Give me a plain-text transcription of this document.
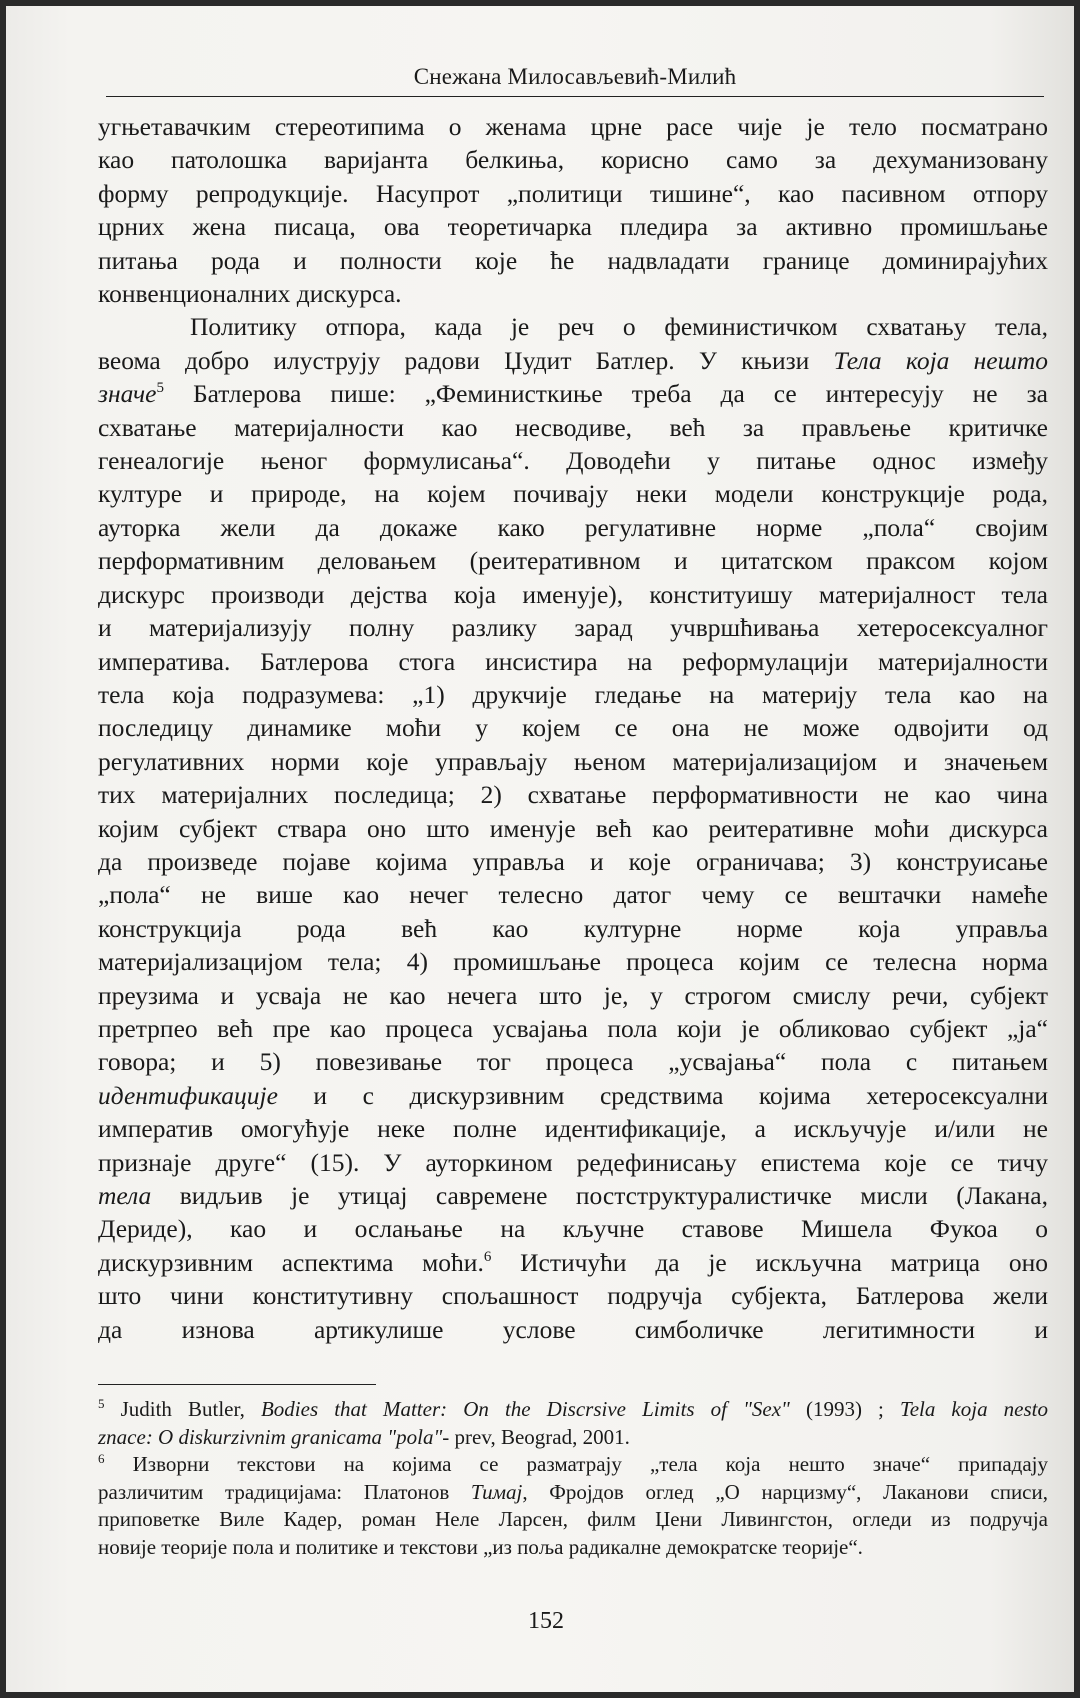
Снежана Милосављевић-Милић
угњетавачким стереотипима о женама црне расе чије је тело посматрано
као патолошка варијанта белкиња, корисно само за дехуманизовану
форму репродукције. Насупрот „политици тишине“, као пасивном отпору
црних жена писаца, ова теоретичарка пледира за активно промишљање
питања рода и полности које ће надвладати границе доминирајућих
конвенционалних дискурса.
Политику отпора, када је реч о феминистичком схватању тела,
веома добро илуструју радови Џудит Батлер. У књизи Тела која нешто
значе$^5$ Батлерова пише: „Феминисткиње треба да се интересују не за
схватање материјалности као несводиве, већ за прављење критичке
генеалогије њеног формулисања“. Доводећи у питање однос између
културе и природе, на којем почивају неки модели конструкције рода,
ауторка жели да докаже како регулативне норме „пола“ својим
перформативним деловањем (реитеративном и цитатском праксом којом
дискурс производи дејства која именује), конституишу материјалност тела
и материјализују полну разлику зарад учвршћивања хетеросексуалног
императива. Батлерова стога инсистира на реформулацији материјалности
тела која подразумева: „1) друкчије гледање на материју тела као на
последицу динамике моћи у којем се она не може одвојити од
регулативних норми које управљају њеном материјализацијом и значењем
тих материјалних последица; 2) схватање перформативности не као чина
којим субјект ствара оно што именује већ као реитеративне моћи дискурса
да произведе појаве којима управља и које ограничава; 3) конструисање
„пола“ не више као нечег телесно датог чему се вештачки намеће
конструкција рода већ као културне норме која управља
материјализацијом тела; 4) промишљање процеса којим се телесна норма
преузима и усваја не као нечега што је, у строгом смислу речи, субјект
претрпео већ пре као процеса усвајања пола који је обликовао субјект „ја“
говора; и 5) повезивање тог процеса „усвајања“ пола с питањем
идентификације и с дискурзивним средствима којима хетеросексуални
императив омогућује неке полне идентификације, а искључује и/или не
признаје друге“ (15). У ауторкином редефинисању епистема које се тичу
тела видљив је утицај савремене постструктуралистичке мисли (Лакана,
Дериде), као и ослањање на кључне ставове Мишела Фукоа о
дискурзивним аспектима моћи.$^6$ Истичући да је искључна матрица оно
што чини конститутивну спољашност подручја субјекта, Батлерова жели
да изнова артикулише услове симболичке легитимности и
$^5$ Judith Butler, Bodies that Matter: On the Discrsive Limits of "Sex" (1993) ; Tela koja nesto
znace: O diskurzivnim granicama "pola"- prev, Beograd, 2001.
$^6$ Изворни текстови на којима се разматрају „тела која нешто значе“ припадају
различитим традицијама: Платонов Тимај, Фројдов оглед „О нарцизму“, Лаканови списи,
приповетке Виле Кадер, роман Неле Ларсен, филм Џени Ливингстон, огледи из подручја
новије теорије пола и политике и текстови „из поља радикалне демократске теорије“.
152
